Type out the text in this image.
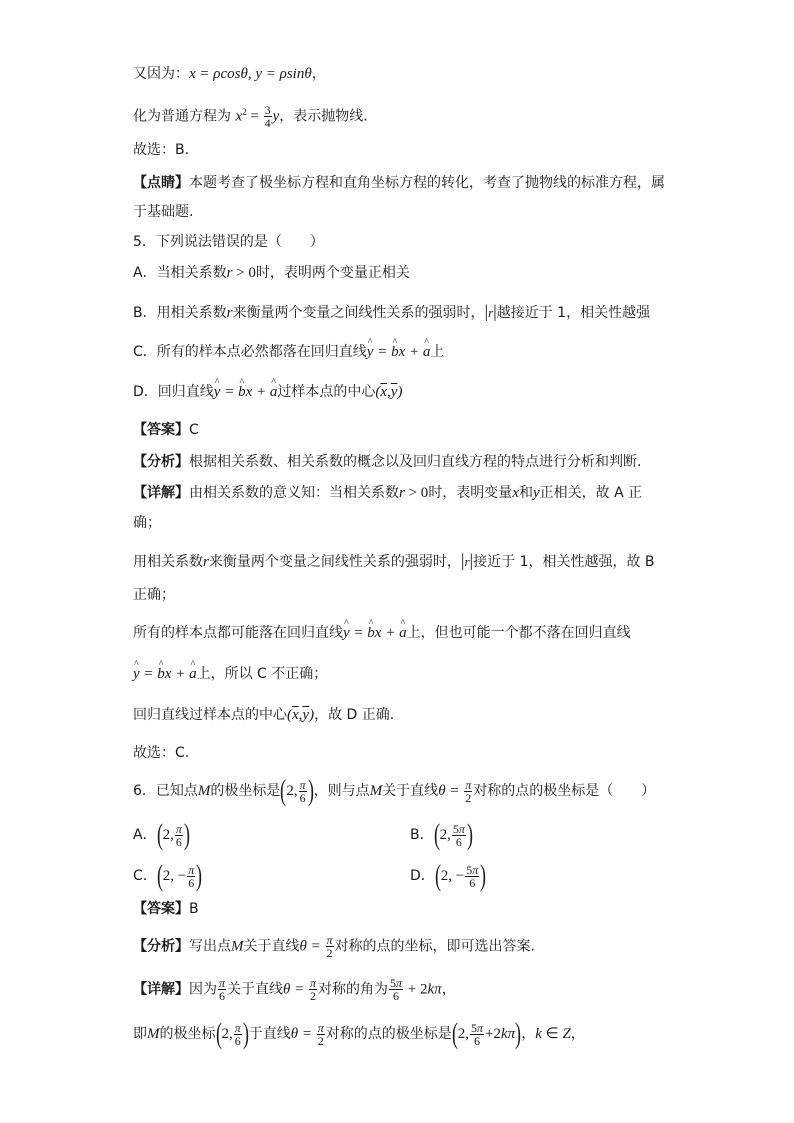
又因为：x = ρcosθ, y = ρsinθ，
化为普通方程为 $x^2 = \frac{3}{4}$ y，表示抛物线.
故选：B.
【点睛】本题考查了极坐标方程和直角坐标方程的转化，考查了抛物线的标准方程，属
于基础题.
5．下列说法错误的是（　　）
A．当相关系数r > 0时，表明两个变量正相关
B．用相关系数r来衡量两个变量之间线性关系的强弱时，|r|越接近于 1，相关性越强
C．所有的样本点必然都落在回归直线^ y = ^ bx + ^ a上
D．回归直线^ y = ^ bx + ^ a过样本点的中心$(\overline{x},\overline{y})$
【答案】C
【分析】根据相关系数、相关系数的概念以及回归直线方程的特点进行分析和判断.
【详解】由相关系数的意义知：当相关系数r > 0时，表明变量x和y正相关，故 A 正
确；
用相关系数r来衡量两个变量之间线性关系的强弱时，|r|接近于 1，相关性越强，故 B
正确；
所有的样本点都可能落在回归直线^ y = ^ bx + ^ a上，但也可能一个都不落在回归直线
^ y = ^ bx + ^ a上，所以 C 不正确；
回归直线过样本点的中心$(\overline{x},\overline{y})$，故 D 正确.
故选：C.
6．已知点M的极坐标是(2, $\frac{\pi}{6}$ )，则与点M关于直线$\theta = \frac{\pi}{2}$ 对称的点的极坐标是（　　）
A．(2, $\frac{\pi}{6}$ )	B．(2, $\frac{5\pi}{6}$ )
C．(2, − $\frac{\pi}{6}$ )	D．(2, − $\frac{5\pi}{6}$ )
【答案】B
【分析】写出点M关于直线$\theta = \frac{\pi}{2}$ 对称的点的坐标，即可选出答案.
【详解】因为 $\frac{\pi}{6}$ 关于直线$\theta = \frac{\pi}{2}$ 对称的角为 $\frac{5\pi}{6} + 2k\pi$，
即M的极坐标(2, $\frac{\pi}{6}$ )于直线$\theta = \frac{\pi}{2}$ 对称的点的极坐标是(2, $\frac{5\pi}{6} +2k\pi$)，k ∈ Z，
